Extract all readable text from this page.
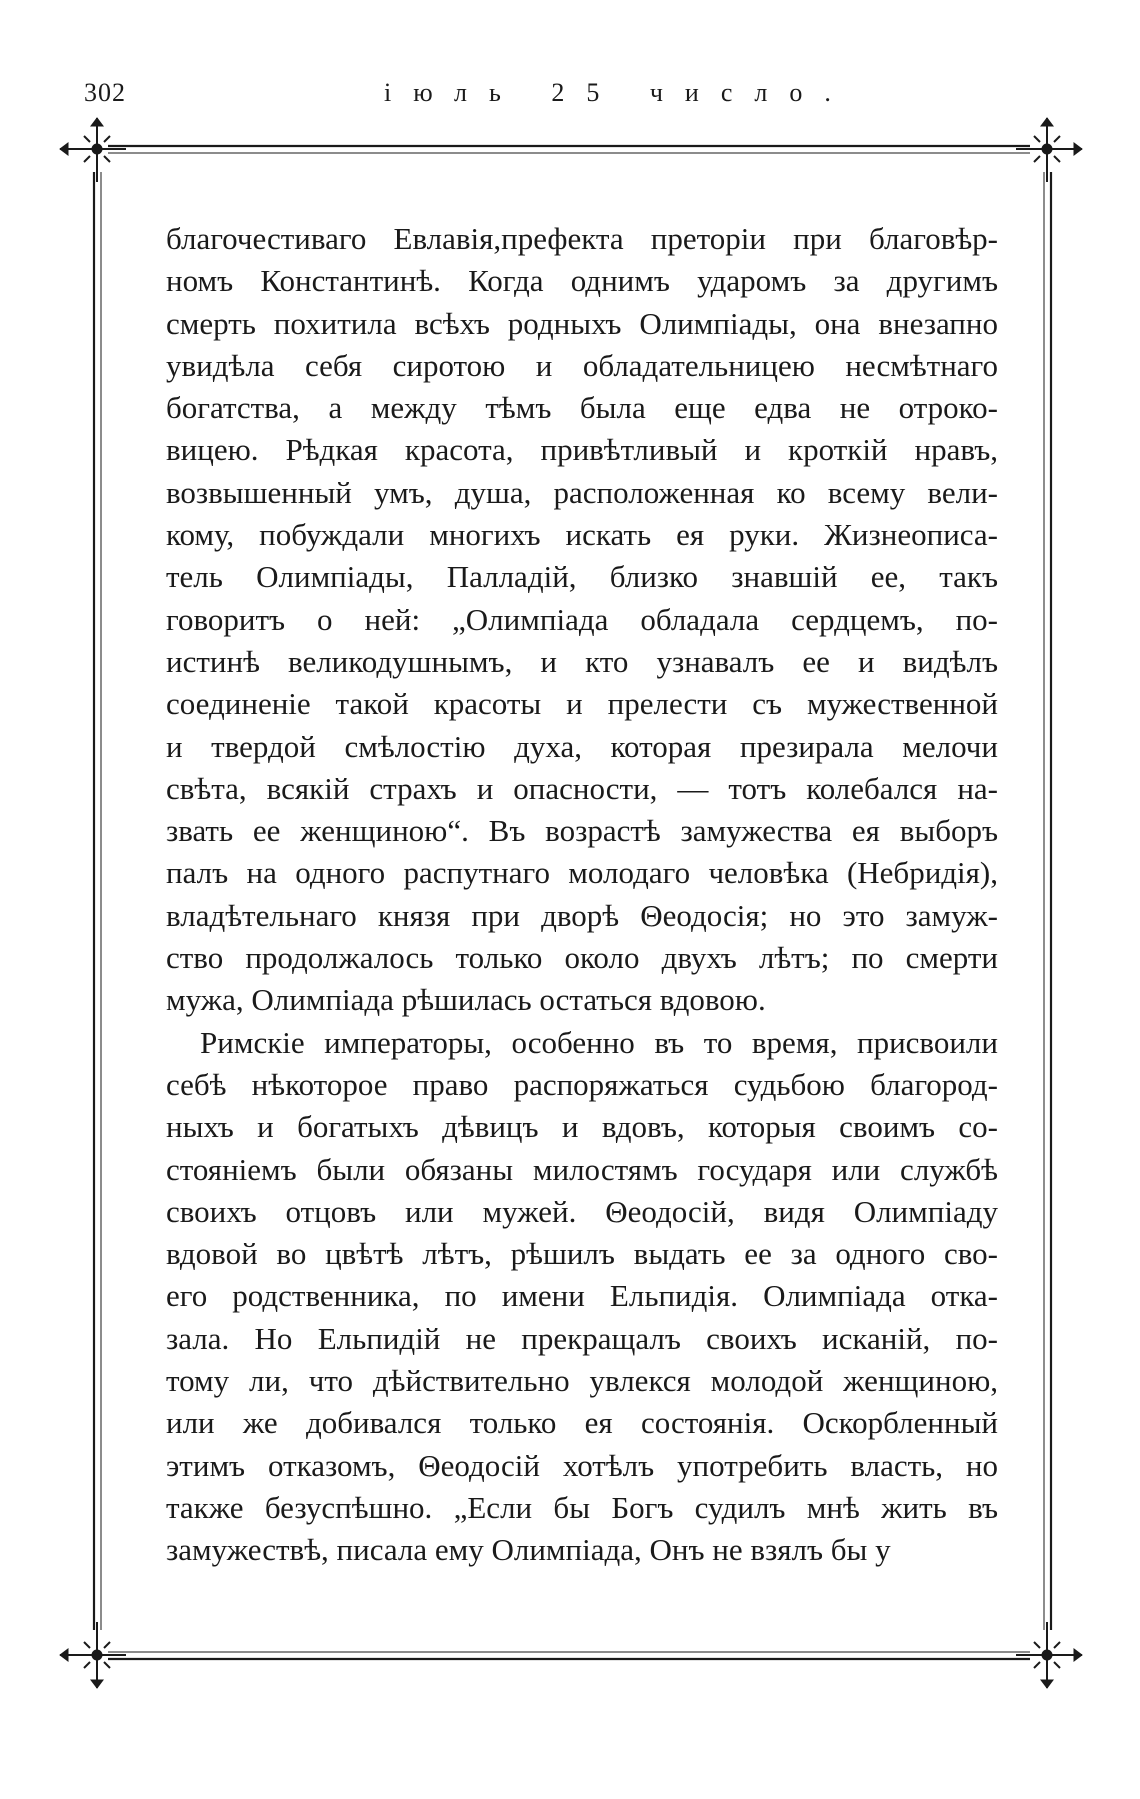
302	іюль 25 число.

благочестиваго Евлавія,префекта преторіи при благовѣр-
номъ Константинѣ. Когда однимъ ударомъ за другимъ
смерть похитила всѣхъ родныхъ Олимпіады, она внезапно
увидѣла себя сиротою и обладательницею несмѣтнаго
богатства, а между тѣмъ была еще едва не отроко-
вицею. Рѣдкая красота, привѣтливый и кроткій нравъ,
возвышенный умъ, душа, расположенная ко всему вели-
кому, побуждали многихъ искать ея руки. Жизнеописа-
тель Олимпіады, Палладій, близко знавшій ее, такъ
говоритъ о ней: „Олимпіада обладала сердцемъ, по-
истинѣ великодушнымъ, и кто узнавалъ ее и видѣлъ
соединеніе такой красоты и прелести съ мужественной
и твердой смѣлостію духа, которая презирала мелочи
свѣта, всякій страхъ и опасности, — тотъ колебался на-
звать ее женщиною“. Въ возрастѣ замужества ея выборъ
палъ на одного распутнаго молодаго человѣка (Небридія),
владѣтельнаго князя при дворѣ Θеодосія; но это замуж-
ство продолжалось только около двухъ лѣтъ; по смерти
мужа, Олимпіада рѣшилась остаться вдовою.

Римскіе императоры, особенно въ то время, присвоили
себѣ нѣкоторое право распоряжаться судьбою благород-
ныхъ и богатыхъ дѣвицъ и вдовъ, которыя своимъ со-
стояніемъ были обязаны милостямъ государя или службѣ
своихъ отцовъ или мужей. Θеодосій, видя Олимпіаду
вдовой во цвѣтѣ лѣтъ, рѣшилъ выдать ее за одного сво-
его родственника, по имени Ельпидія. Олимпіада отка-
зала. Но Ельпидій не прекращалъ своихъ исканій, по-
тому ли, что дѣйствительно увлекся молодой женщиною,
или же добивался только ея состоянія. Оскорбленный
этимъ отказомъ, Θеодосій хотѣлъ употребить власть, но
также безуспѣшно. „Если бы Богъ судилъ мнѣ жить въ
замужествѣ, писала ему Олимпіада, Онъ не взялъ бы у
